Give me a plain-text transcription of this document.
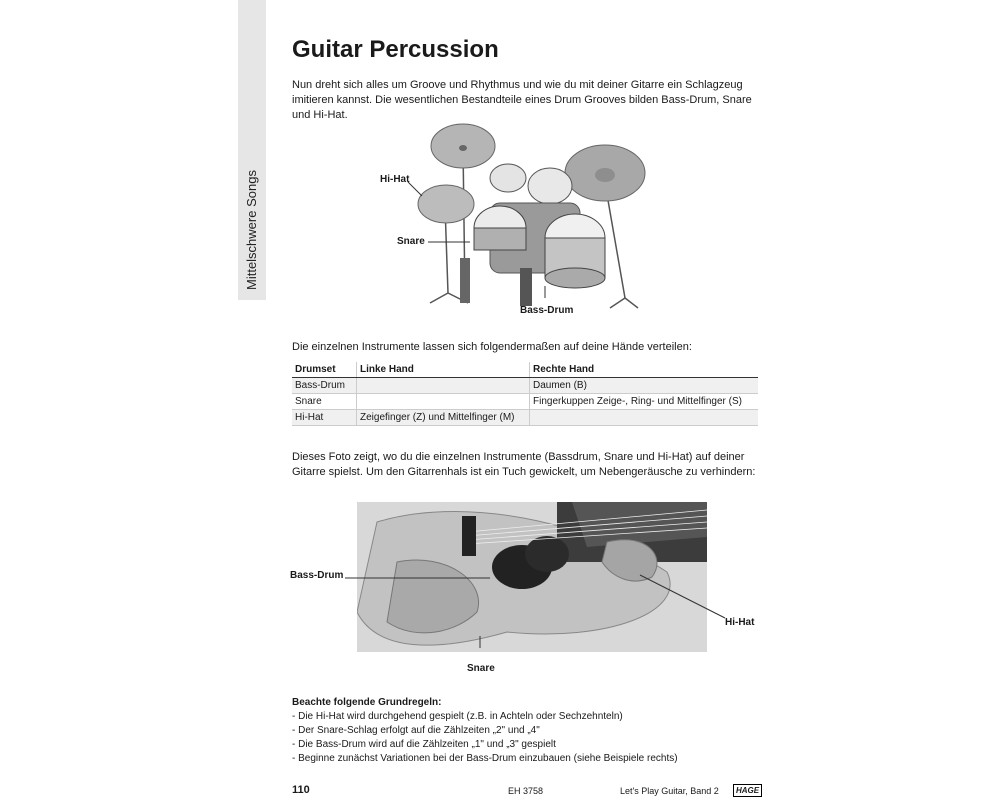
Mittelschwere Songs
Guitar Percussion

Nun dreht sich alles um Groove und Rhythmus und wie du mit deiner Gitarre ein Schlagzeug imitieren kannst. Die wesentlichen Bestandteile eines Drum Grooves bilden Bass-Drum, Snare und Hi-Hat.

Hi-Hat
Snare
Bass-Drum

Die einzelnen Instrumente lassen sich folgendermaßen auf deine Hände verteilen:

Drumset	Linke Hand	Rechte Hand
Bass-Drum		Daumen (B)
Snare		Fingerkuppen Zeige-, Ring- und Mittelfinger (S)
Hi-Hat	Zeigefinger (Z) und Mittelfinger (M)	

Dieses Foto zeigt, wo du die einzelnen Instrumente (Bassdrum, Snare und Hi-Hat) auf deiner Gitarre spielst. Um den Gitarrenhals ist ein Tuch gewickelt, um Nebengeräusche zu verhindern:

Bass-Drum
Hi-Hat
Snare

Beachte folgende Grundregeln:

- Die Hi-Hat wird durchgehend gespielt (z.B. in Achteln oder Sechzehnteln)
- Der Snare-Schlag erfolgt auf die Zählzeiten „2" und „4"
- Die Bass-Drum wird auf die Zählzeiten „1" und „3" gespielt
- Beginne zunächst Variationen bei der Bass-Drum einzubauen (siehe Beispiele rechts)
110	EH 3758	Let's Play Guitar, Band 2	HAGE
